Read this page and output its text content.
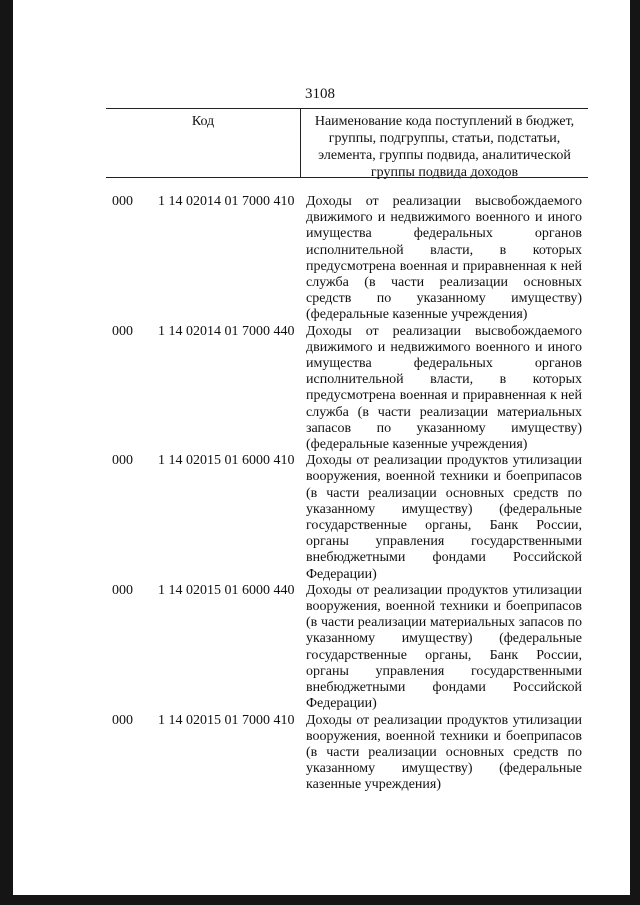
3108
Код	Наименование кода поступлений в бюджет, группы, подгруппы, статьи, подстатьи, элемента, группы подвида, аналитической группы подвида доходов
000	1 14 02014 01 7000 410 Доходы от реализации высвобождаемого движимого и недвижимого военного и иного имущества федеральных органов исполнительной власти, в которых предусмотрена военная и приравненная к ней служба (в части реализации основных средств по указанному имуществу) (федеральные казенные учреждения)
000	1 14 02014 01 7000 440 Доходы от реализации высвобождаемого движимого и недвижимого военного и иного имущества федеральных органов исполнительной власти, в которых предусмотрена военная и приравненная к ней служба (в части реализации материальных запасов по указанному имуществу) (федеральные казенные учреждения)
000	1 14 02015 01 6000 410 Доходы от реализации продуктов утилизации вооружения, военной техники и боеприпасов (в части реализации основных средств по указанному имуществу) (федеральные государственные органы, Банк России, органы управления государственными внебюджетными фондами Российской Федерации)
000	1 14 02015 01 6000 440 Доходы от реализации продуктов утилизации вооружения, военной техники и боеприпасов (в части реализации материальных запасов по указанному имуществу) (федеральные государственные органы, Банк России, органы управления государственными внебюджетными фондами Российской Федерации)
000	1 14 02015 01 7000 410 Доходы от реализации продуктов утилизации вооружения, военной техники и боеприпасов (в части реализации основных средств по указанному имуществу) (федеральные казенные учреждения)
